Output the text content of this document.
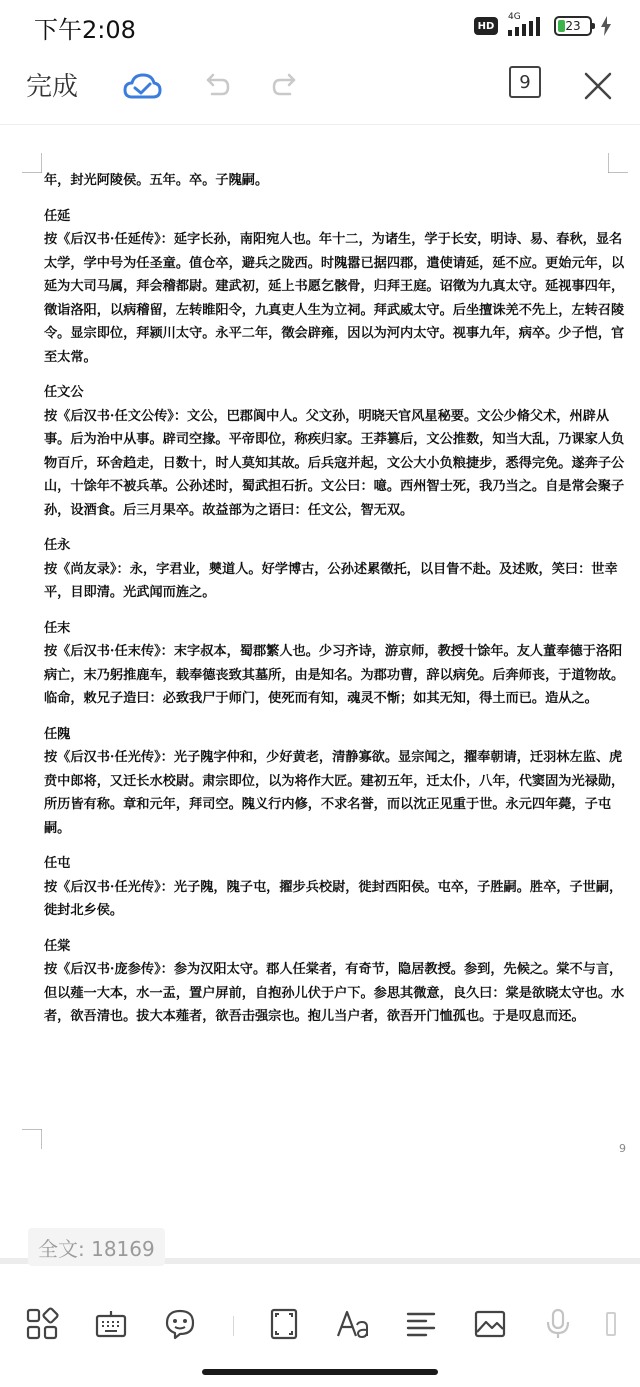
下午2:08	HD
4G
23
完成	9

年，封光阿陵侯。五年。卒。子隗嗣。

任延

按《后汉书·任延传》：延字长孙，南阳宛人也。年十二，为诸生，学于长安，明诗、易、春秋，显名太学，学中号为任圣童。值仓卒，避兵之陇西。时隗嚣已据四郡，遣使请延，延不应。更始元年，以延为大司马属，拜会稽都尉。建武初，延上书愿乞骸骨，归拜王庭。诏徵为九真太守。延视事四年，徵诣洛阳，以病稽留，左转睢阳令，九真吏人生为立祠。拜武威太守。后坐擅诛羌不先上，左转召陵令。显宗即位，拜颍川太守。永平二年，徵会辟雍，因以为河内太守。视事九年，病卒。少子恺，官至太常。

任文公

按《后汉书·任文公传》：文公，巴郡阆中人。父文孙，明晓天官风星秘要。文公少脩父术，州辟从事。后为治中从事。辟司空掾。平帝即位，称疾归家。王莽篡后，文公推数，知当大乱，乃课家人负物百斤，环舍趋走，日数十，时人莫知其故。后兵寇并起，文公大小负粮捷步，悉得完免。遂奔子公山，十馀年不被兵革。公孙述时，蜀武担石折。文公曰：噫。西州智士死，我乃当之。自是常会聚子孙，设酒食。后三月果卒。故益部为之语曰：任文公，智无双。

任永

按《尚友录》：永，字君业，僰道人。好学博古，公孙述累徵托，以目眚不赴。及述败，笑曰：世幸平，目即清。光武闻而旌之。

任末

按《后汉书·任末传》：末字叔本，蜀郡繁人也。少习齐诗，游京师，教授十馀年。友人董奉德于洛阳病亡，末乃躬推鹿车，载奉德丧致其墓所，由是知名。为郡功曹，辞以病免。后奔师丧，于道物故。临命，敕兄子造曰：必致我尸于师门，使死而有知，魂灵不惭；如其无知，得土而已。造从之。

任隗

按《后汉书·任光传》：光子隗字仲和，少好黄老，清静寡欲。显宗闻之，擢奉朝请，迁羽林左监、虎贲中郎将，又迁长水校尉。肃宗即位，以为将作大匠。建初五年，迁太仆，八年，代窦固为光禄勋，所历皆有称。章和元年，拜司空。隗义行内修，不求名誉，而以沈正见重于世。永元四年薨，子屯嗣。

任屯

按《后汉书·任光传》：光子隗，隗子屯，擢步兵校尉，徙封西阳侯。屯卒，子胜嗣。胜卒，子世嗣，徙封北乡侯。

任棠

按《后汉书·庞参传》：参为汉阳太守。郡人任棠者，有奇节，隐居教授。参到，先候之。棠不与言，但以薤一大本，水一盂，置户屏前，自抱孙儿伏于户下。参思其微意，良久曰：棠是欲晓太守也。水者，欲吾清也。拔大本薤者，欲吾击强宗也。抱儿当户者，欲吾开门恤孤也。于是叹息而还。

9
全文: 18169
